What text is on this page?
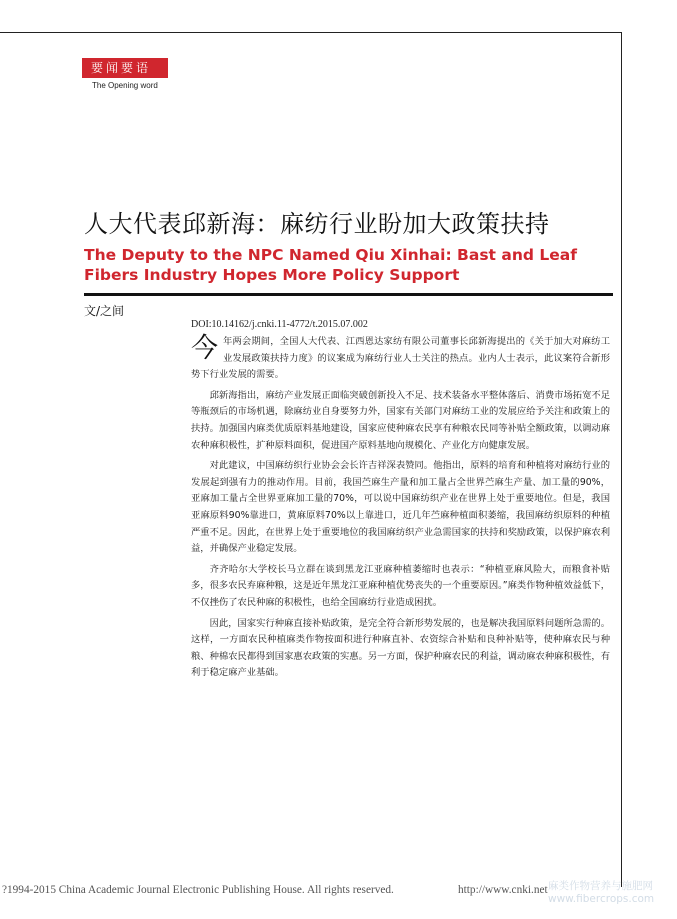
要闻要语
The Opening word
人大代表邱新海：麻纺行业盼加大政策扶持
The Deputy to the NPC Named Qiu Xinhai: Bast and Leaf Fibers Industry Hopes More Policy Support
文/之间
DOI:10.14162/j.cnki.11-4772/t.2015.07.002

今年两会期间，全国人大代表、江西恩达家纺有限公司董事长邱新海提出的《关于加大对麻纺工业发展政策扶持力度》的议案成为麻纺行业人士关注的热点。业内人士表示，此议案符合新形势下行业发展的需要。

邱新海指出，麻纺产业发展正面临突破创新投入不足、技术装备水平整体落后、消费市场拓宽不足等瓶颈后的市场机遇，除麻纺业自身要努力外，国家有关部门对麻纺工业的发展应给予关注和政策上的扶持。加强国内麻类优质原料基地建设，国家应使种麻农民享有种粮农民同等补贴全额政策，以调动麻农种麻积极性，扩种原料面积，促进国产原料基地向规模化、产业化方向健康发展。

对此建议，中国麻纺织行业协会会长许吉祥深表赞同。他指出，原料的培育和种植将对麻纺行业的发展起到强有力的推动作用。目前，我国苎麻生产量和加工量占全世界苎麻生产量、加工量的90%，亚麻加工量占全世界亚麻加工量的70%，可以说中国麻纺织产业在世界上处于重要地位。但是，我国亚麻原料90%靠进口，黄麻原料70%以上靠进口，近几年苎麻种植面积萎缩，我国麻纺织原料的种植严重不足。因此，在世界上处于重要地位的我国麻纺织产业急需国家的扶持和奖励政策，以保护麻农利益，并确保产业稳定发展。

齐齐哈尔大学校长马立群在谈到黑龙江亚麻种植萎缩时也表示：“种植亚麻风险大，而粮食补贴多，很多农民弃麻种粮，这是近年黑龙江亚麻种植优势丧失的一个重要原因。”麻类作物种植效益低下，不仅挫伤了农民种麻的积极性，也给全国麻纺行业造成困扰。

因此，国家实行种麻直接补贴政策，是完全符合新形势发展的，也是解决我国原料问题所急需的。这样，一方面农民种植麻类作物按面积进行种麻直补、农资综合补贴和良种补贴等，使种麻农民与种粮、种棉农民都得到国家惠农政策的实惠。另一方面，保护种麻农民的利益，调动麻农种麻积极性，有利于稳定麻产业基础。

?1994-2015 China Academic Journal Electronic Publishing House. All rights reserved.	http://www.cnki.net 麻类作物营养与施肥网
www.fibercrops.com
